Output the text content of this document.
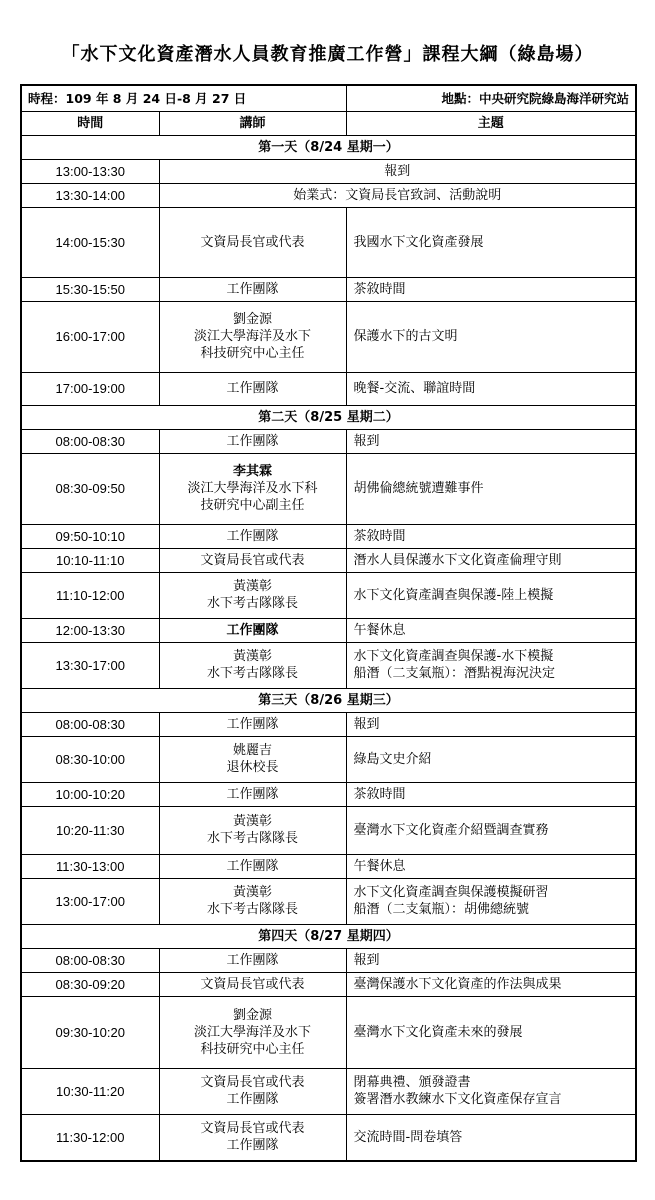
「水下文化資產潛水人員教育推廣工作營」課程大綱（綠島場）
時程：109 年 8 月 24 日-8 月 27 日		地點：中央研究院綠島海洋研究站
時間	講師	主題
第一天（8/24 星期一）		
13:00-13:30	報到	
13:30-14:00	始業式：文資局長官致詞、活動說明	
14:00-15:30	文資局長官或代表	我國水下文化資產發展

15:30-15:50	工作團隊	茶敘時間

16:00-17:00	劉金源
淡江大學海洋及水下
科技研究中心主任	保護水下的古文明

17:00-19:00	工作團隊	晚餐-交流、聯誼時間

第二天（8/25 星期二）		
08:00-08:30	工作團隊	報到

08:30-09:50	李其霖
淡江大學海洋及水下科
技研究中心副主任	胡佛倫總統號遭難事件

09:50-10:10	工作團隊	茶敘時間

10:10-11:10	文資局長官或代表	潛水人員保護水下文化資產倫理守則

11:10-12:00	黃漢彰
水下考古隊隊長	水下文化資產調查與保護-陸上模擬

12:00-13:30	工作團隊	午餐休息

13:30-17:00	黃漢彰
水下考古隊隊長	水下文化資產調查與保護-水下模擬
船潛（二支氣瓶）：潛點視海況決定

第三天（8/26 星期三）		
08:00-08:30	工作團隊	報到

08:30-10:00	姚麗吉
退休校長	綠島文史介紹

10:00-10:20	工作團隊	茶敘時間

10:20-11:30	黃漢彰
水下考古隊隊長	臺灣水下文化資產介紹暨調查實務

11:30-13:00	工作團隊	午餐休息

13:00-17:00	黃漢彰
水下考古隊隊長	水下文化資產調查與保護模擬研習
船潛（二支氣瓶）：胡佛總統號

第四天（8/27 星期四）		
08:00-08:30	工作團隊	報到

08:30-09:20	文資局長官或代表	臺灣保護水下文化資產的作法與成果

09:30-10:20	劉金源
淡江大學海洋及水下
科技研究中心主任	臺灣水下文化資產未來的發展

10:30-11:20	文資局長官或代表
工作團隊	閉幕典禮、頒發證書
簽署潛水教練水下文化資產保存宣言

11:30-12:00	文資局長官或代表
工作團隊	交流時間-問卷填答
